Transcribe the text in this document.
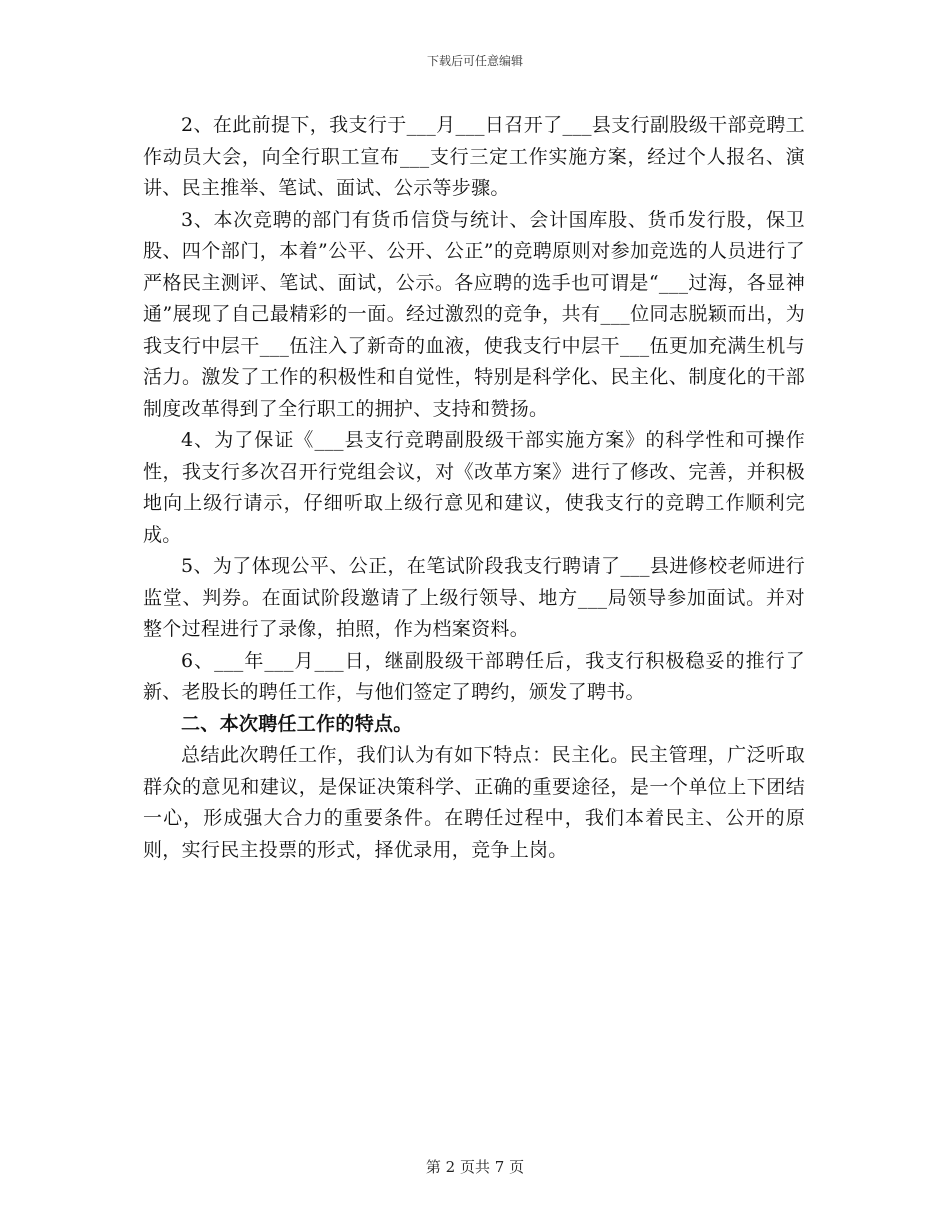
下载后可任意编辑

2、在此前提下，我支行于___月___日召开了___县支行副股级干部竞聘工作动员大会，向全行职工宣布___支行三定工作实施方案，经过个人报名、演讲、民主推举、笔试、面试、公示等步骤。

3、本次竞聘的部门有货币信贷与统计、会计国库股、货币发行股，保卫股、四个部门，本着”公平、公开、公正”的竞聘原则对参加竞选的人员进行了严格民主测评、笔试、面试，公示。各应聘的选手也可谓是“___过海，各显神通”展现了自己最精彩的一面。经过激烈的竞争，共有___位同志脱颖而出，为我支行中层干___伍注入了新奇的血液，使我支行中层干___伍更加充满生机与活力。激发了工作的积极性和自觉性，特别是科学化、民主化、制度化的干部制度改革得到了全行职工的拥护、支持和赞扬。

4、为了保证《___县支行竞聘副股级干部实施方案》的科学性和可操作性，我支行多次召开行党组会议，对《改革方案》进行了修改、完善，并积极地向上级行请示，仔细听取上级行意见和建议，使我支行的竞聘工作顺利完成。

5、为了体现公平、公正，在笔试阶段我支行聘请了___县进修校老师进行监堂、判券。在面试阶段邀请了上级行领导、地方___局领导参加面试。并对整个过程进行了录像，拍照，作为档案资料。

6、___年___月___日，继副股级干部聘任后，我支行积极稳妥的推行了新、老股长的聘任工作，与他们签定了聘约，颁发了聘书。

二、本次聘任工作的特点。

总结此次聘任工作，我们认为有如下特点：民主化。民主管理，广泛听取群众的意见和建议，是保证决策科学、正确的重要途径，是一个单位上下团结一心，形成强大合力的重要条件。在聘任过程中，我们本着民主、公开的原则，实行民主投票的形式，择优录用，竞争上岗。

第 2 页共 7 页
